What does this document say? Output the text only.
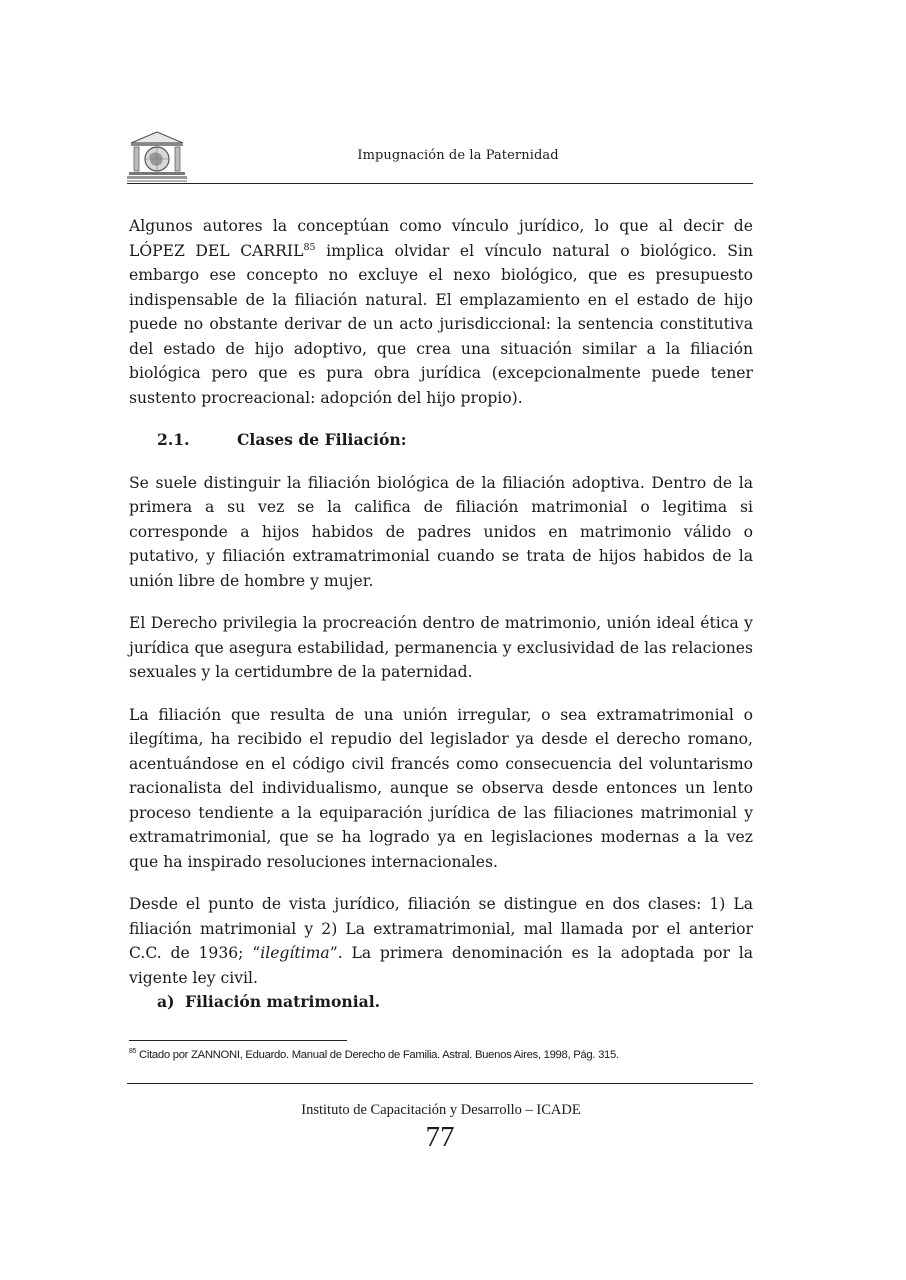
Impugnación de la Paternidad

Algunos autores la conceptúan como vínculo jurídico, lo que al decir de LÓPEZ DEL CARRIL$^{85}$ implica olvidar el vínculo natural o biológico. Sin embargo ese concepto no excluye el nexo biológico, que es presupuesto indispensable de la filiación natural. El emplazamiento en el estado de hijo puede no obstante derivar de un acto jurisdiccional: la sentencia constitutiva del estado de hijo adoptivo, que crea una situación similar a la filiación biológica pero que es pura obra jurídica (excepcionalmente puede tener sustento procreacional: adopción del hijo propio).

2.1.	Clases de Filiación:

Se suele distinguir la filiación biológica de la filiación adoptiva. Dentro de la primera a su vez se la califica de filiación matrimonial o legitima si corresponde a hijos habidos de padres unidos en matrimonio válido o putativo, y filiación extramatrimonial cuando se trata de hijos habidos de la unión libre de hombre y mujer.

El Derecho privilegia la procreación dentro de matrimonio, unión ideal ética y jurídica que asegura estabilidad, permanencia y exclusividad de las relaciones sexuales y la certidumbre de la paternidad.

La filiación que resulta de una unión irregular, o sea extramatrimonial o ilegítima, ha recibido el repudio del legislador ya desde el derecho romano, acentuándose en el código civil francés como consecuencia del voluntarismo racionalista del individualismo, aunque se observa desde entonces un lento proceso tendiente a la equiparación jurídica de las filiaciones matrimonial y extramatrimonial, que se ha logrado ya en legislaciones modernas a la vez que ha inspirado resoluciones internacionales.

Desde el punto de vista jurídico, filiación se distingue en dos clases: 1) La filiación matrimonial y 2) La extramatrimonial, mal llamada por el anterior C.C. de 1936; “ilegítima”. La primera denominación es la adoptada por la vigente ley civil.

a) Filiación matrimonial.
$^{85}$ Citado por ZANNONI, Eduardo. Manual de Derecho de Familia. Astral. Buenos Aires, 1998, Pág. 315.
Instituto de Capacitación y Desarrollo – ICADE
77
